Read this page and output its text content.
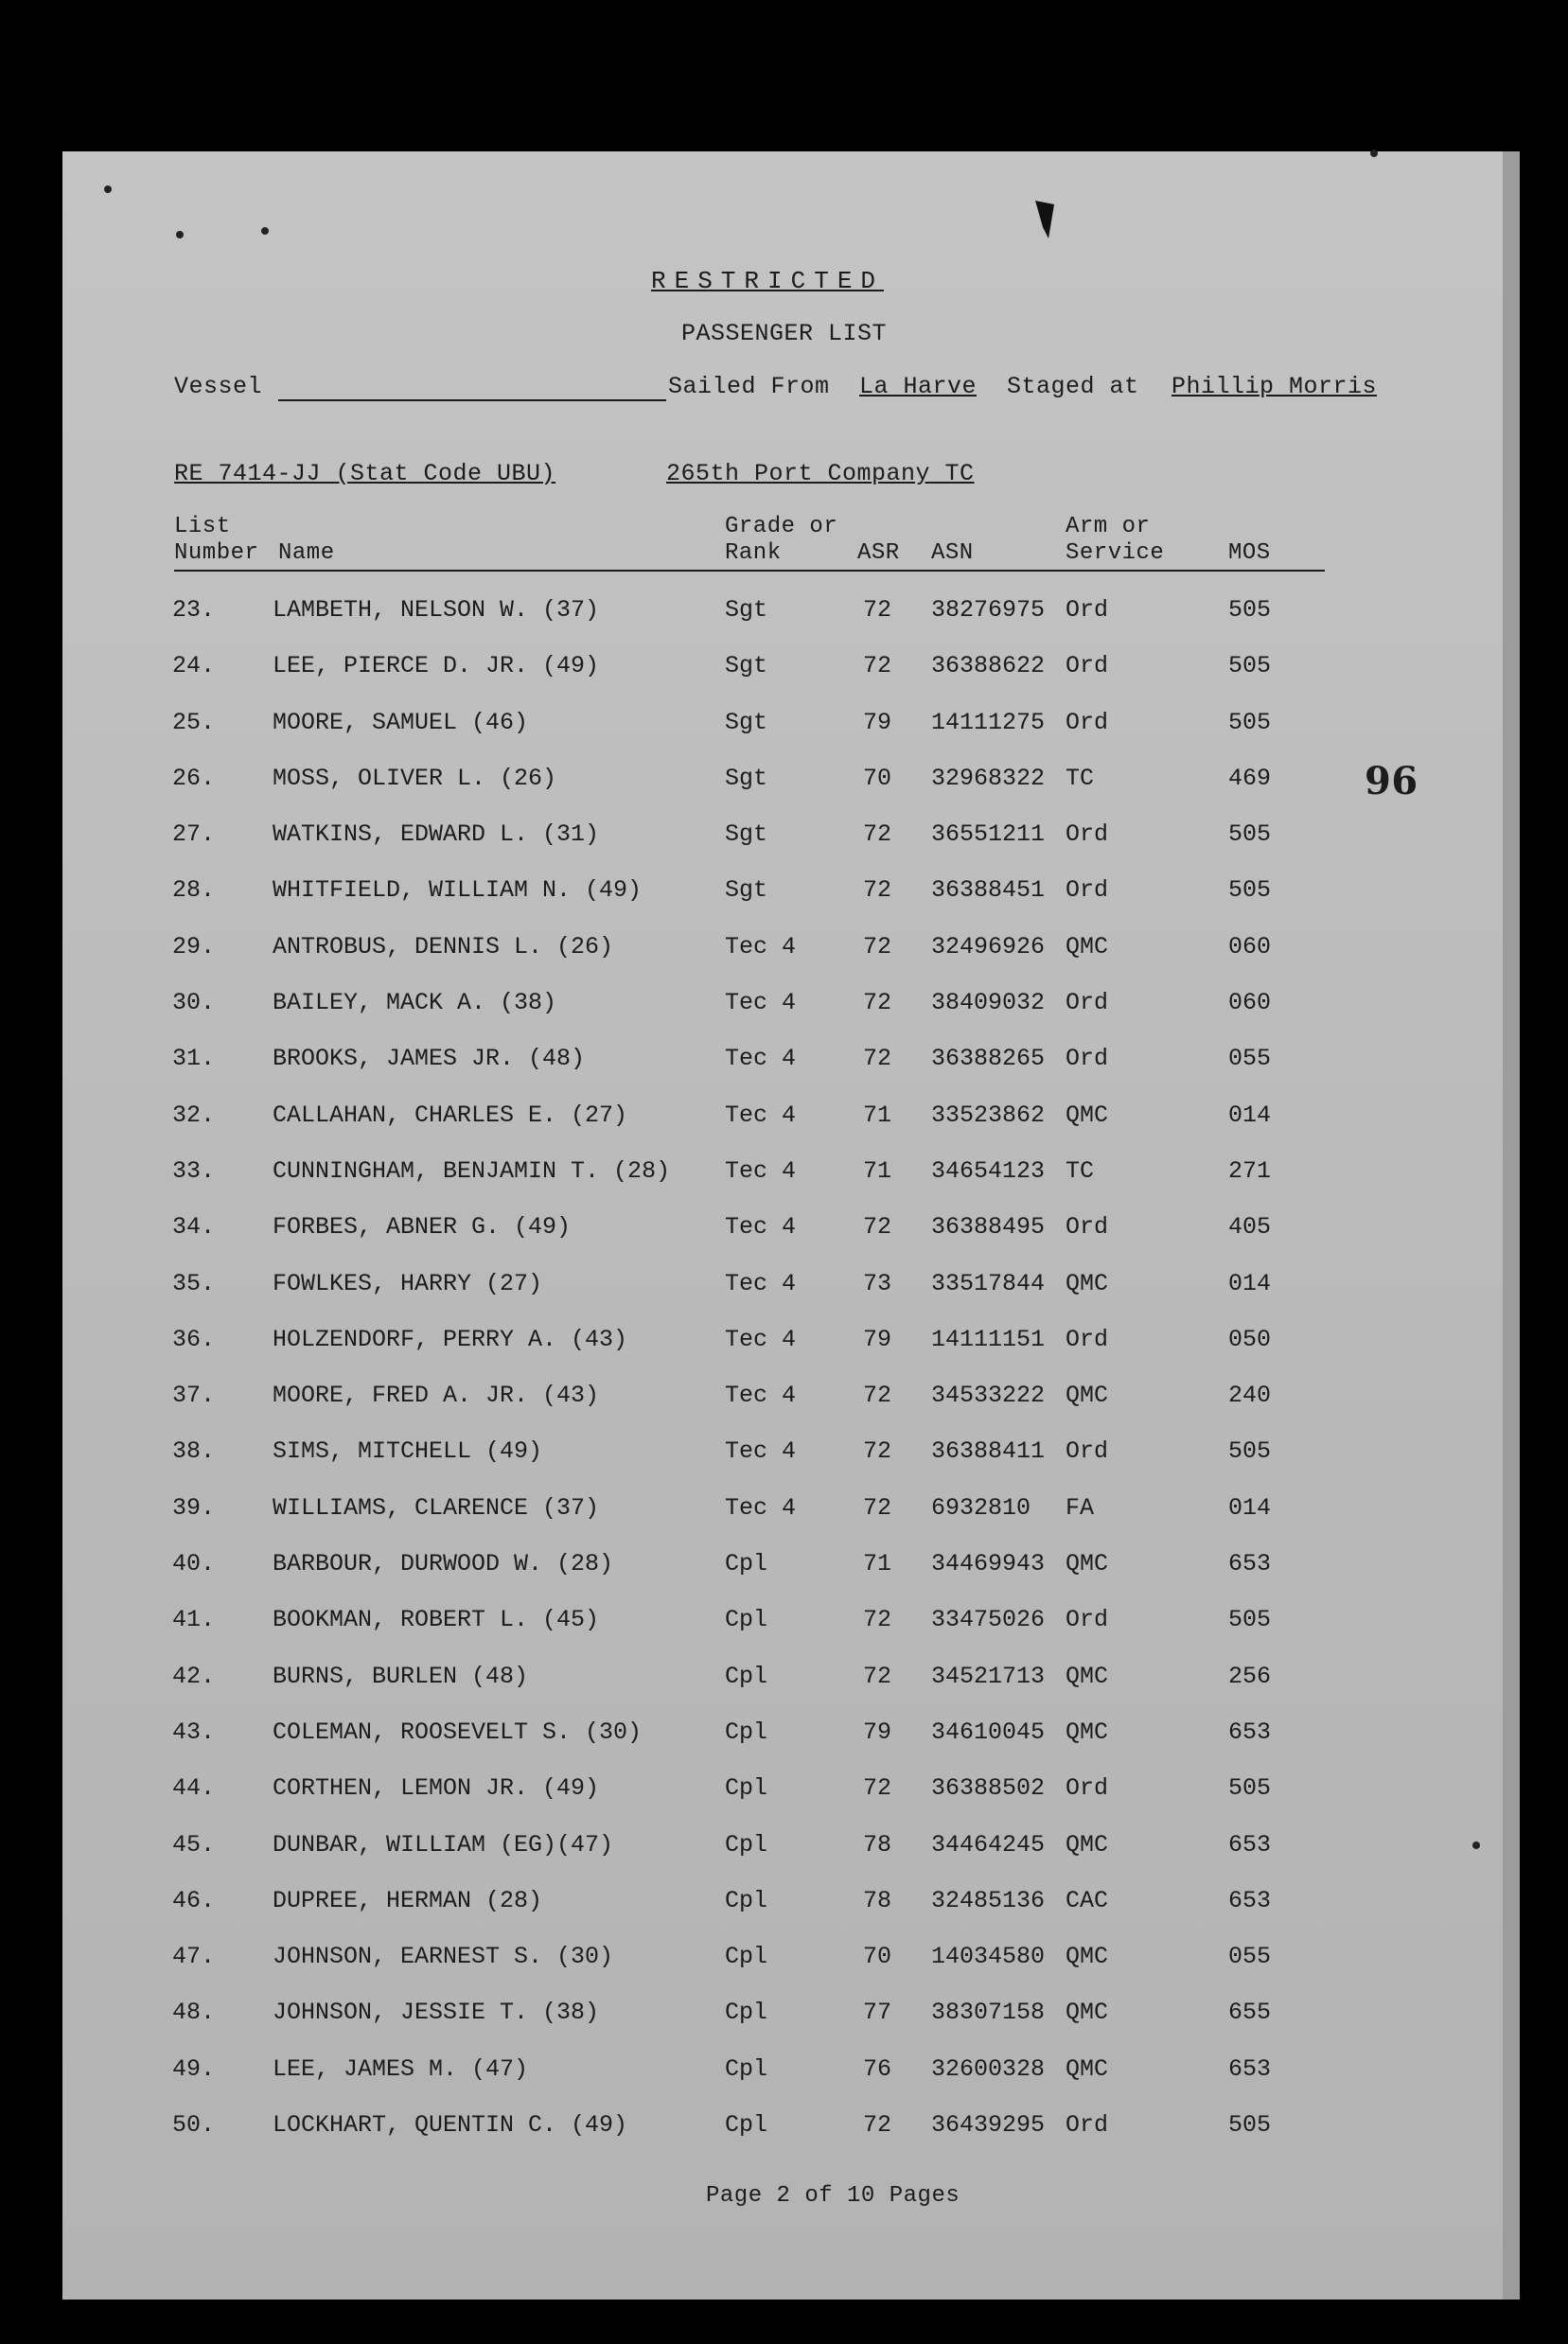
RESTRICTED
PASSENGER LIST
Vessel	Sailed From La Harve Staged at Phillip Morris
RE 7414-JJ (Stat Code UBU)	265th Port Company TC
List
Number Name
Grade or
Rank	ASR ASN
Arm or
Service	MOS
23. LAMBETH, NELSON W. (37)	Sgt	72 38276975 Ord	505
24. LEE, PIERCE D. JR. (49)	Sgt	72 36388622 Ord	505
25. MOORE, SAMUEL (46)	Sgt	79 14111275 Ord	505
26. MOSS, OLIVER L. (26)	Sgt	70 32968322 TC	469
27. WATKINS, EDWARD L. (31)	Sgt	72 36551211 Ord	505
28. WHITFIELD, WILLIAM N. (49)	Sgt	72 36388451 Ord	505
29. ANTROBUS, DENNIS L. (26)	Tec 4	72 32496926 QMC	060
30. BAILEY, MACK A. (38)	Tec 4	72 38409032 Ord	060
31. BROOKS, JAMES JR. (48)	Tec 4	72 36388265 Ord	055
32. CALLAHAN, CHARLES E. (27)	Tec 4	71 33523862 QMC	014
33. CUNNINGHAM, BENJAMIN T. (28) Tec 4	71 34654123 TC	271
34. FORBES, ABNER G. (49)	Tec 4	72 36388495 Ord	405
35. FOWLKES, HARRY (27)	Tec 4	73 33517844 QMC	014
36. HOLZENDORF, PERRY A. (43)	Tec 4	79 14111151 Ord	050
37. MOORE, FRED A. JR. (43)	Tec 4	72 34533222 QMC	240
38. SIMS, MITCHELL (49)	Tec 4	72 36388411 Ord	505
39. WILLIAMS, CLARENCE (37)	Tec 4	72 6932810 FA	014
40. BARBOUR, DURWOOD W. (28)	Cpl	71 34469943 QMC	653
41. BOOKMAN, ROBERT L. (45)	Cpl	72 33475026 Ord	505
42. BURNS, BURLEN (48)	Cpl	72 34521713 QMC	256
43. COLEMAN, ROOSEVELT S. (30)	Cpl	79 34610045 QMC	653
44. CORTHEN, LEMON JR. (49)	Cpl	72 36388502 Ord	505
45. DUNBAR, WILLIAM (EG)(47)	Cpl	78 34464245 QMC	653
46. DUPREE, HERMAN (28)	Cpl	78 32485136 CAC	653
47. JOHNSON, EARNEST S. (30)	Cpl	70 14034580 QMC	055
48. JOHNSON, JESSIE T. (38)	Cpl	77 38307158 QMC	655
49. LEE, JAMES M. (47)	Cpl	76 32600328 QMC	653
50. LOCKHART, QUENTIN C. (49)	Cpl	72 36439295 Ord	505
96
Page 2 of 10 Pages
